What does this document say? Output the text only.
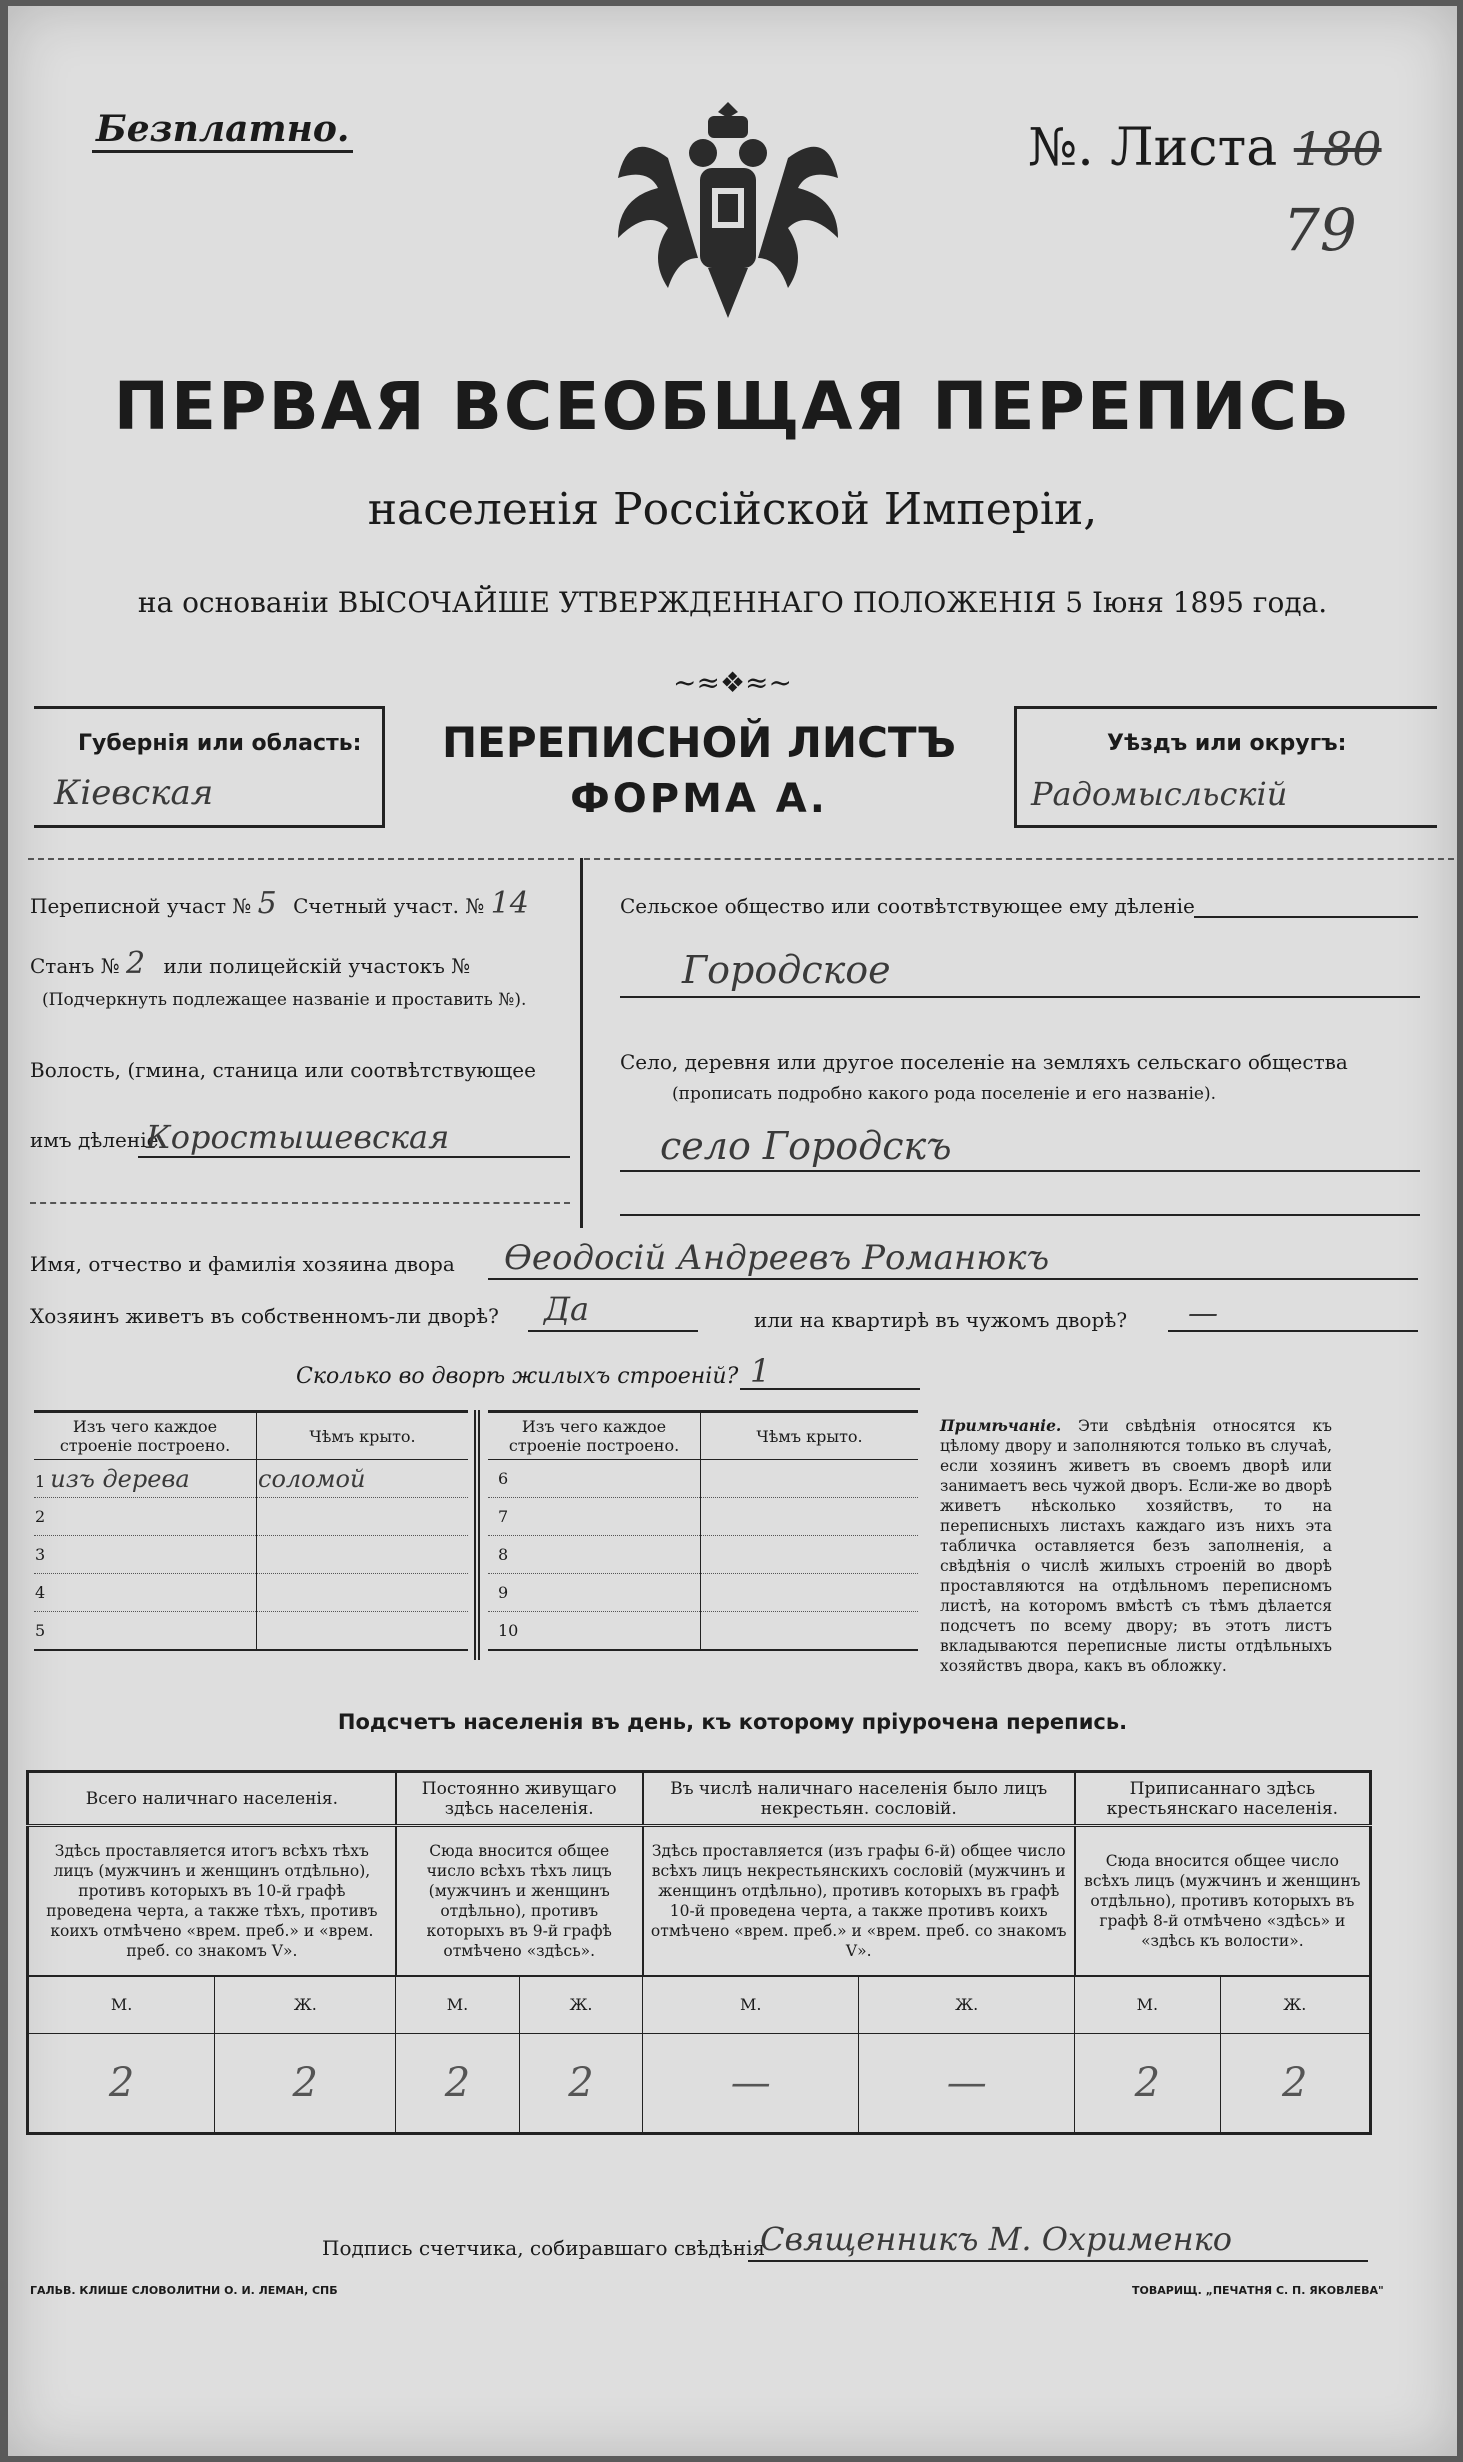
Безплатно.	№. Листа 180
79
ПЕРВАЯ ВСЕОБЩАЯ ПЕРЕПИСЬ
населенія Россійской Имперіи,
на основаніи ВЫСОЧАЙШЕ УТВЕРЖДЕННАГО ПОЛОЖЕНІЯ 5 Іюня 1895 года.
~≈❖≈~
Губернія или область:
Кіевская
ПЕРЕПИСНОЙ ЛИСТЪ
ФОРМА А.
Уѣздъ или округъ:
Радомысльскій
Переписной участ № 5 Счетный участ. № 14
Станъ № 2 или полицейскій участокъ №
(Подчеркнуть подлежащее названіе и проставить №).
Волость, (гмина, станица или соотвѣтствующее
имъ дѣленіе
Коростышевская
Сельское общество или соотвѣтствующее ему дѣленіе
Городское
Село, деревня или другое поселеніе на земляхъ сельскаго общества
(прописать подробно какого рода поселеніе и его названіе).
село Городскъ
Имя, отчество и фамилія хозяина двора Өеодосій Андреевъ Романюкъ
Хозяинъ живетъ въ собственномъ-ли дворѣ? Да	или на квартирѣ въ чужомъ дворѣ? —
Сколько во дворѣ жилыхъ строеній? 1
Изъ чего каждое строеніе построено.	Чѣмъ крыто.
1 изъ дерева	соломой
2	
3	
4	
5	
Изъ чего каждое строеніе построено.	Чѣмъ крыто.
6	
7	
8	
9	
10	
Примѣчаніе. Эти свѣдѣнія относятся къ цѣлому двору и заполняются только въ случаѣ, если хозяинъ живетъ въ своемъ дворѣ или занимаетъ весь чужой дворъ. Если-же во дворѣ живетъ нѣсколько хозяйствъ, то на переписныхъ листахъ каждаго изъ нихъ эта табличка оставляется безъ заполненія, а свѣдѣнія о числѣ жилыхъ строеній во дворѣ проставляются на отдѣльномъ переписномъ листѣ, на которомъ вмѣстѣ съ тѣмъ дѣлается подсчетъ по всему двору; въ этотъ листъ вкладываются переписные листы отдѣльныхъ хозяйствъ двора, какъ въ обложку.
Подсчетъ населенія въ день, къ которому пріурочена перепись.
Всего наличнаго населенія.		Постоянно живущаго здѣсь населенія.		Въ числѣ наличнаго населенія было лицъ некрестьян. сословій.		Приписаннаго здѣсь крестьянскаго населенія.	
Здѣсь проставляется итогъ всѣхъ тѣхъ лицъ (мужчинъ и женщинъ отдѣльно), противъ которыхъ въ 10-й графѣ проведена черта, а также тѣхъ, противъ коихъ отмѣчено «врем. преб.» и «врем. преб. со знакомъ V».		Сюда вносится общее число всѣхъ тѣхъ лицъ (мужчинъ и женщинъ отдѣльно), противъ которыхъ въ 9-й графѣ отмѣчено «здѣсь».		Здѣсь проставляется (изъ графы 6-й) общее число всѣхъ лицъ некрестьянскихъ сословій (мужчинъ и женщинъ отдѣльно), противъ которыхъ въ графѣ 10-й проведена черта, а также противъ коихъ отмѣчено «врем. преб.» и «врем. преб. со знакомъ V».		Сюда вносится общее число всѣхъ лицъ (мужчинъ и женщинъ отдѣльно), противъ которыхъ въ графѣ 8-й отмѣчено «здѣсь» и «здѣсь къ волости».	
М.	Ж.	М.	Ж.	М.	Ж.	М.	Ж.
2	2	2	2	—	—	2	2
Подпись счетчика, собиравшаго свѣдѣнія
Священникъ М. Охрименко
ГАЛЬВ. КЛИШЕ СЛОВОЛИТНИ О. И. ЛЕМАН, СПБ	ТОВАРИЩ. „ПЕЧАТНЯ С. П. ЯКОВЛЕВА"
